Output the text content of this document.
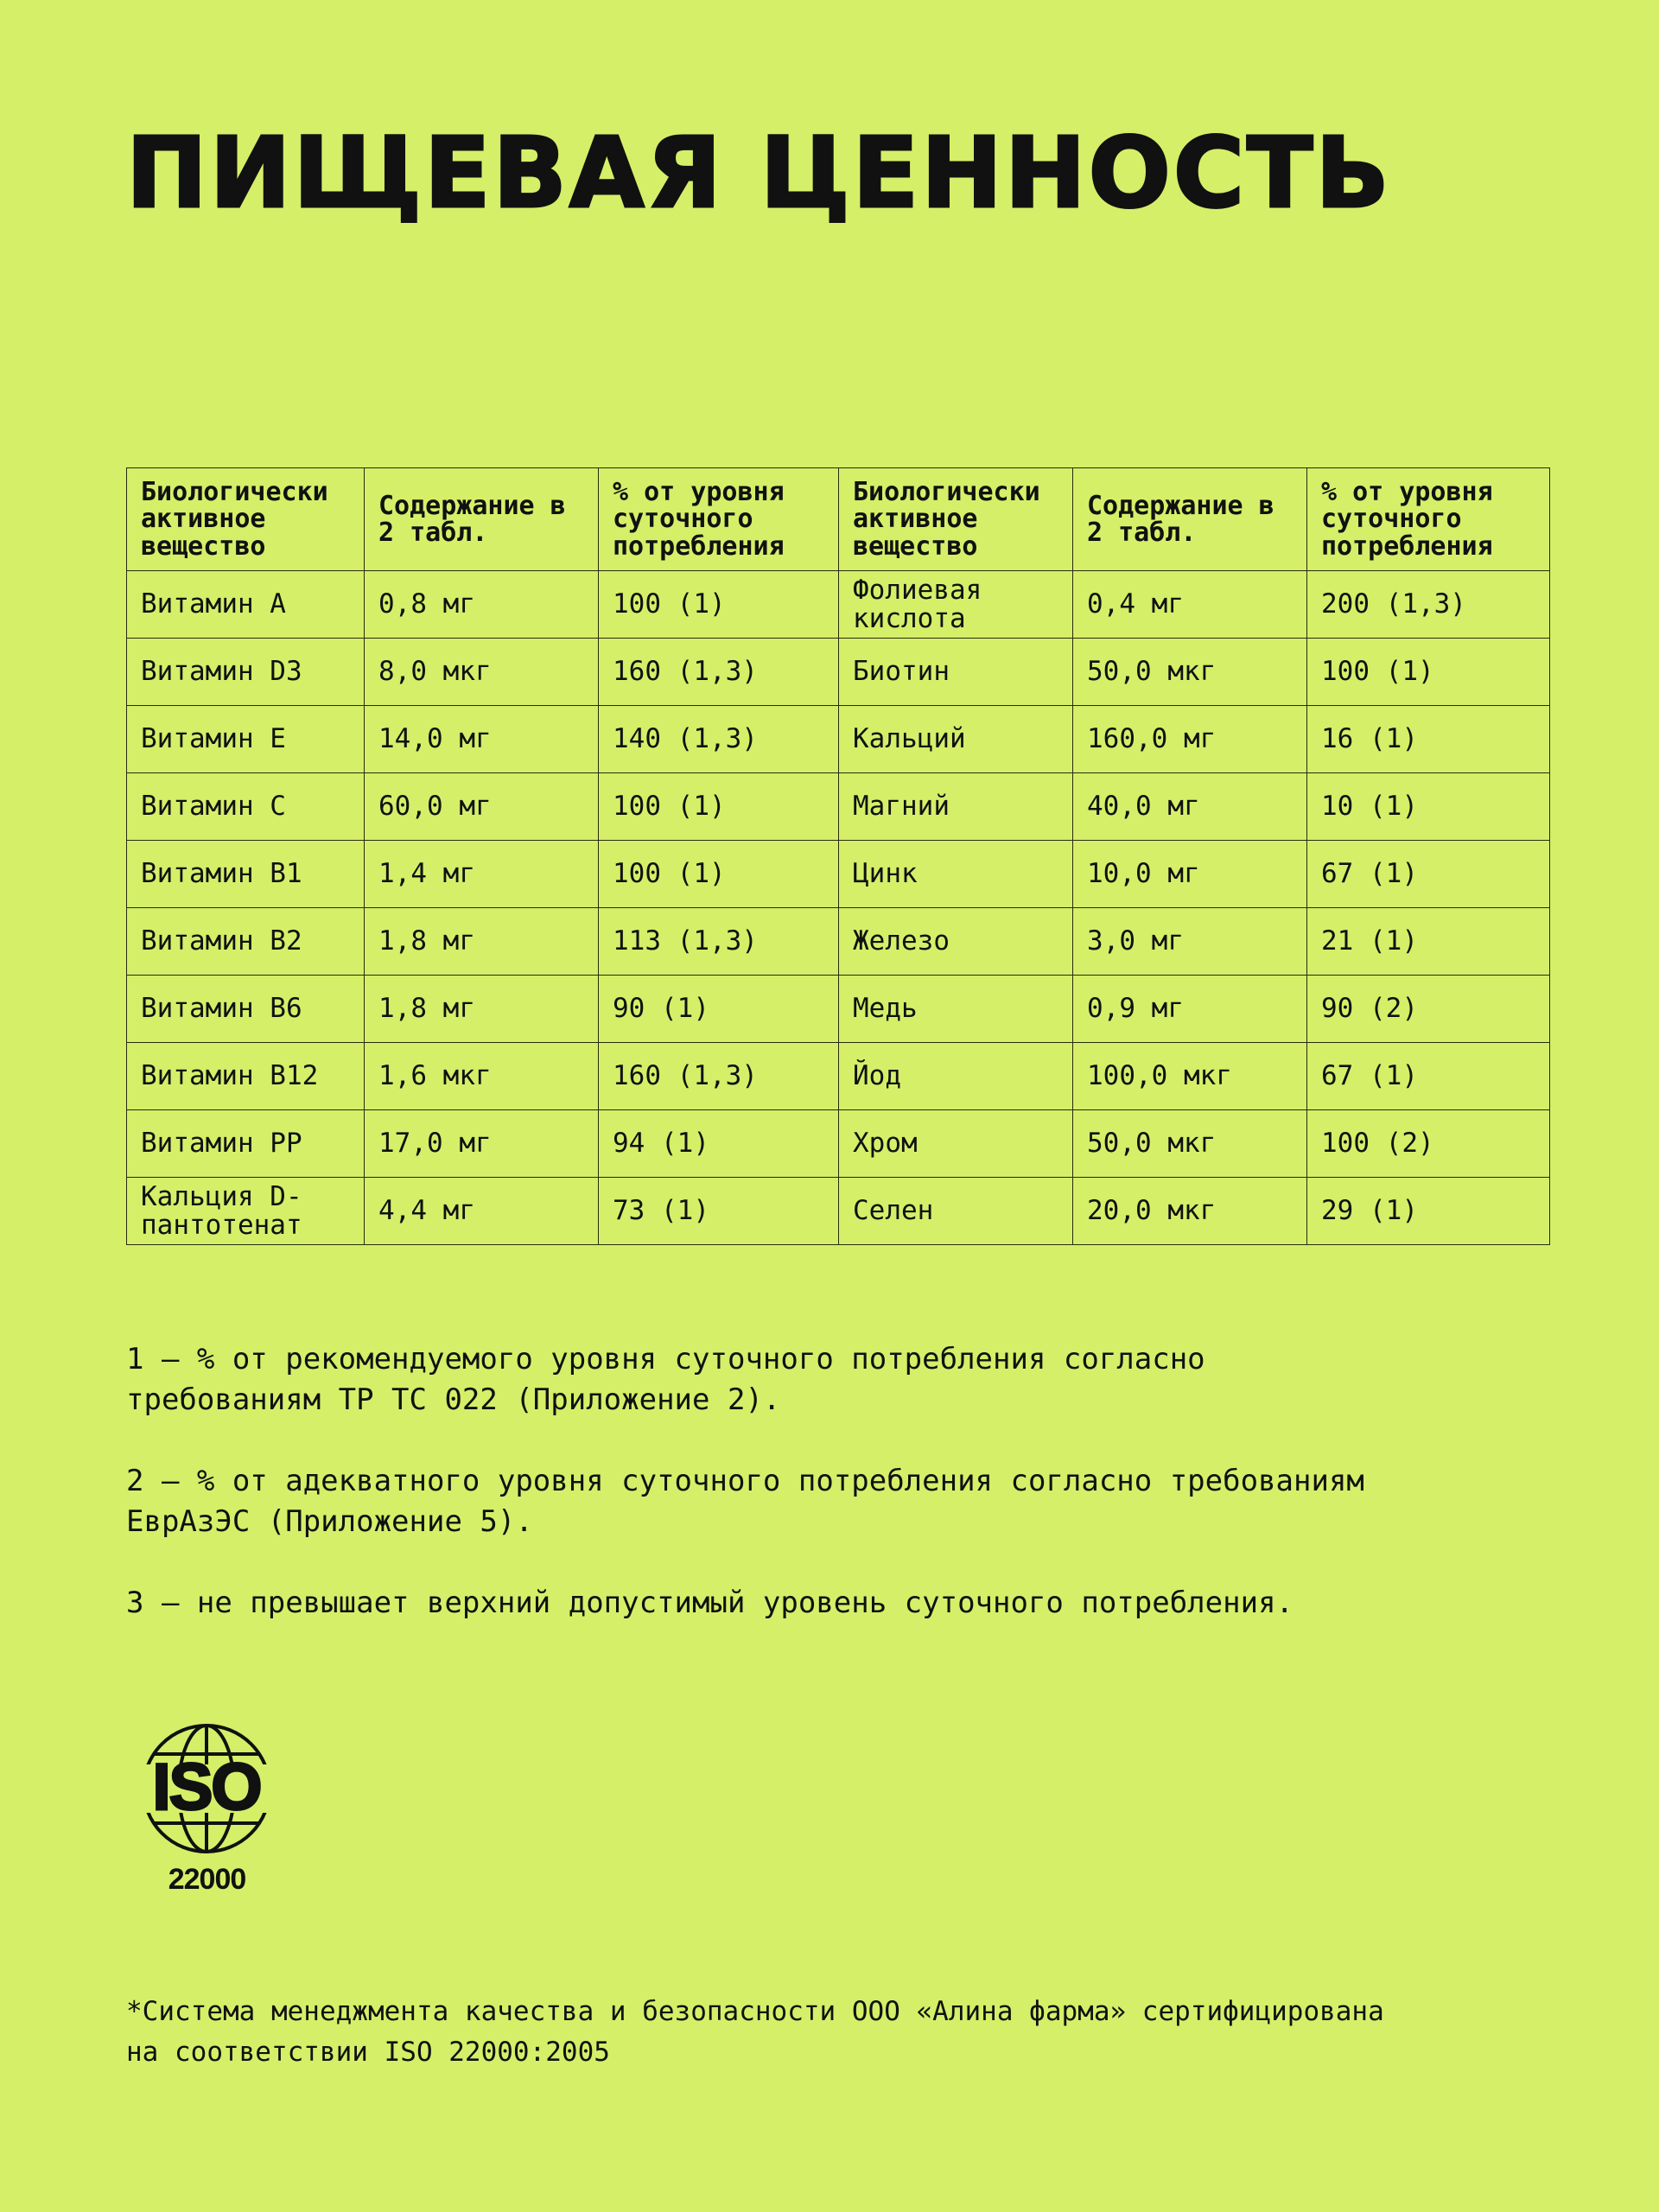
ПИЩЕВАЯ ЦЕННОСТЬ
Биологически активное вещество	Содержание в 2 табл.	% от уровня суточного потребления	Биологически активное вещество	Содержание в 2 табл.	% от уровня суточного потребления
Витамин А	0,8 мг	100 (1)	Фолиевая кислота	0,4 мг	200 (1,3)
Витамин D3	8,0 мкг	160 (1,3)	Биотин	50,0 мкг	100 (1)
Витамин Е	14,0 мг	140 (1,3)	Кальций	160,0 мг	16 (1)
Витамин С	60,0 мг	100 (1)	Магний	40,0 мг	10 (1)
Витамин В1	1,4 мг	100 (1)	Цинк	10,0 мг	67 (1)
Витамин В2	1,8 мг	113 (1,3)	Железо	3,0 мг	21 (1)
Витамин В6	1,8 мг	90 (1)	Медь	0,9 мг	90 (2)
Витамин В12	1,6 мкг	160 (1,3)	Йод	100,0 мкг	67 (1)
Витамин РР	17,0 мг	94 (1)	Хром	50,0 мкг	100 (2)
Кальция D-пантотенат	4,4 мг	73 (1)	Селен	20,0 мкг	29 (1)

1 — % от рекомендуемого уровня суточного потребления согласно
требованиям ТР ТС 022 (Приложение 2).

2 — % от адекватного уровня суточного потребления согласно требованиям
ЕврАзЭС (Приложение 5).

3 — не превышает верхний допустимый уровень суточного потребления.

ISO
22000
*Система менеджмента качества и безопасности ООО «Алина фарма» сертифицирована
на соответствии ISO 22000:2005
